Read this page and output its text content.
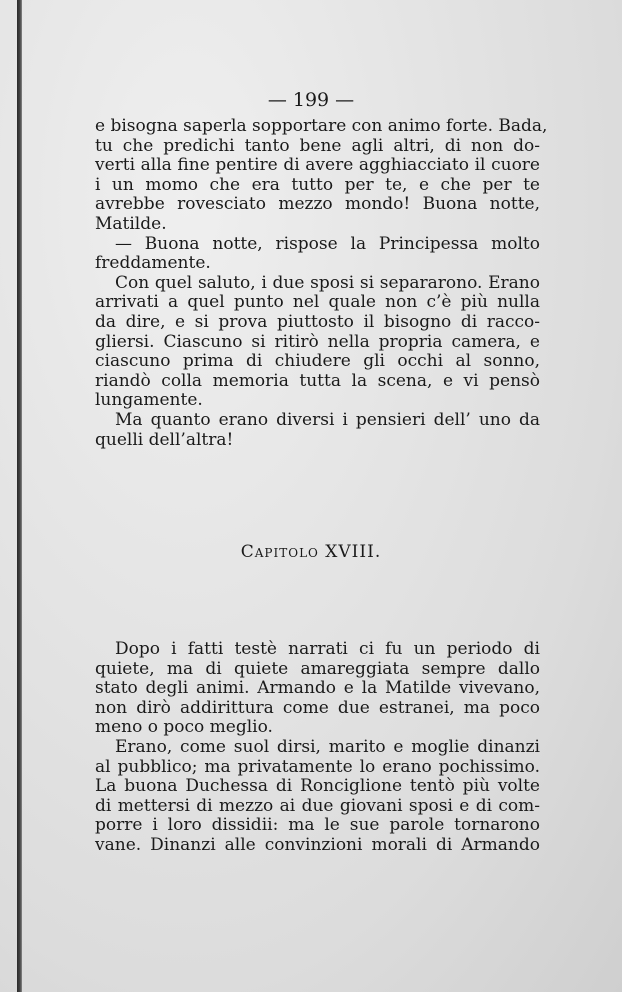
— 199 —
e bisogna saperla sopportare con animo forte. Bada,
tu che predichi tanto bene agli altri, di non do-
verti alla fine pentire di avere agghiacciato il cuore
i un momo che era tutto per te, e che per te
avrebbe rovesciato mezzo mondo! Buona notte,
Matilde.
— Buona notte, rispose la Principessa molto
freddamente.
Con quel saluto, i due sposi si separarono. Erano
arrivati a quel punto nel quale non c’è più nulla
da dire, e si prova piuttosto il bisogno di racco-
gliersi. Ciascuno si ritirò nella propria camera, e
ciascuno prima di chiudere gli occhi al sonno,
riandò colla memoria tutta la scena, e vi pensò
lungamente.
Ma quanto erano diversi i pensieri dell’ uno da
quelli dell’altra!
Capitolo XVIII.
Dopo i fatti testè narrati ci fu un periodo di
quiete, ma di quiete amareggiata sempre dallo
stato degli animi. Armando e la Matilde vivevano,
non dirò addirittura come due estranei, ma poco
meno o poco meglio.
Erano, come suol dirsi, marito e moglie dinanzi
al pubblico; ma privatamente lo erano pochissimo.
La buona Duchessa di Ronciglione tentò più volte
di mettersi di mezzo ai due giovani sposi e di com-
porre i loro dissidii: ma le sue parole tornarono
vane. Dinanzi alle convinzioni morali di Armando
